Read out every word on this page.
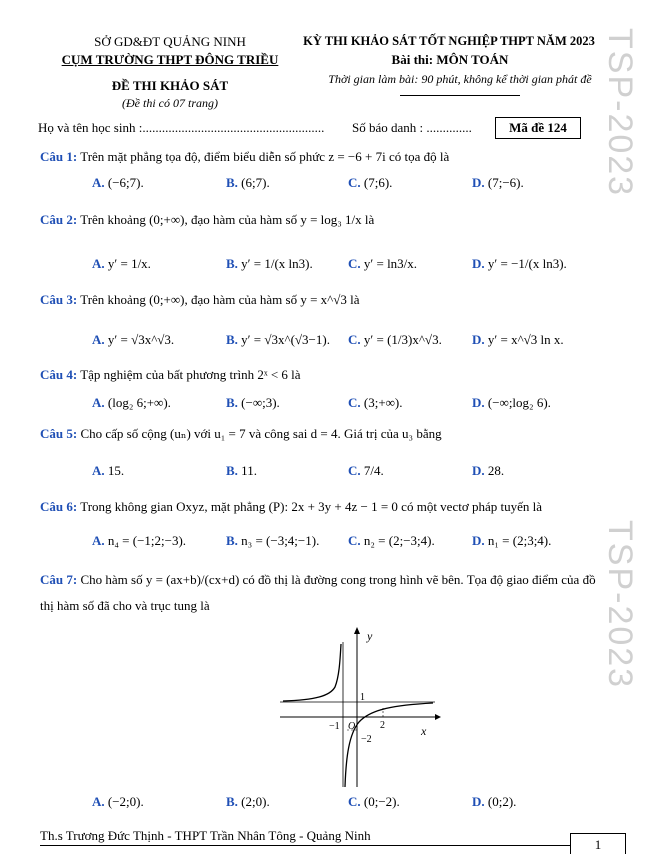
TSP-2023
TSP-2023
SỞ GD&ĐT QUẢNG NINH
CỤM TRƯỜNG THPT ĐÔNG TRIỀU
ĐỀ THI KHẢO SÁT
(Đề thi có 07 trang)
KỲ THI KHẢO SÁT TỐT NGHIỆP THPT NĂM 2023
Bài thi: MÔN TOÁN
Thời gian làm bài: 90 phút, không kể thời gian phát đề
Họ và tên học sinh :........................................................ Số báo danh : ..............	Mã đề 124
Câu 1: Trên mặt phẳng tọa độ, điểm biểu diễn số phức z = −6 + 7i có tọa độ là
A. (−6;7).	B. (6;7).	C. (7;6).	D. (7;−6).
Câu 2: Trên khoảng (0;+∞), đạo hàm của hàm số y = log₃ 1/x là
A. y′ = 1/x.	B. y′ = 1/(x ln3).	C. y′ = ln3/x.	D. y′ = −1/(x ln3).
Câu 3: Trên khoảng (0;+∞), đạo hàm của hàm số y = x^√3 là
A. y′ = √3x^√3.	B. y′ = √3x^(√3−1). C. y′ = (1/3)x^√3. D. y′ = x^√3 ln x.
Câu 4: Tập nghiệm của bất phương trình 2ˣ < 6 là
A. (log₂ 6;+∞).	B. (−∞;3).	C. (3;+∞).	D. (−∞;log₂ 6).
Câu 5: Cho cấp số cộng (uₙ) với u₁ = 7 và công sai d = 4. Giá trị của u₃ bằng
A. 15.	B. 11.	C. 7/4.	D. 28.
Câu 6: Trong không gian Oxyz, mặt phẳng (P): 2x + 3y + 4z − 1 = 0 có một vectơ pháp tuyến là
A. n₄ = (−1;2;−3).	B. n₃ = (−3;4;−1). C. n₂ = (2;−3;4).	D. n₁ = (2;3;4).
Câu 7: Cho hàm số y = (ax+b)/(cx+d) có đồ thị là đường cong trong hình vẽ bên. Tọa độ giao điểm của đồ
thị hàm số đã cho và trục tung là
y
x
O
1
−1	2
−2
A. (−2;0).	B. (2;0).	C. (0;−2).	D. (0;2).
Th.s Trương Đức Thịnh - THPT Trần Nhân Tông - Quảng Ninh
1
